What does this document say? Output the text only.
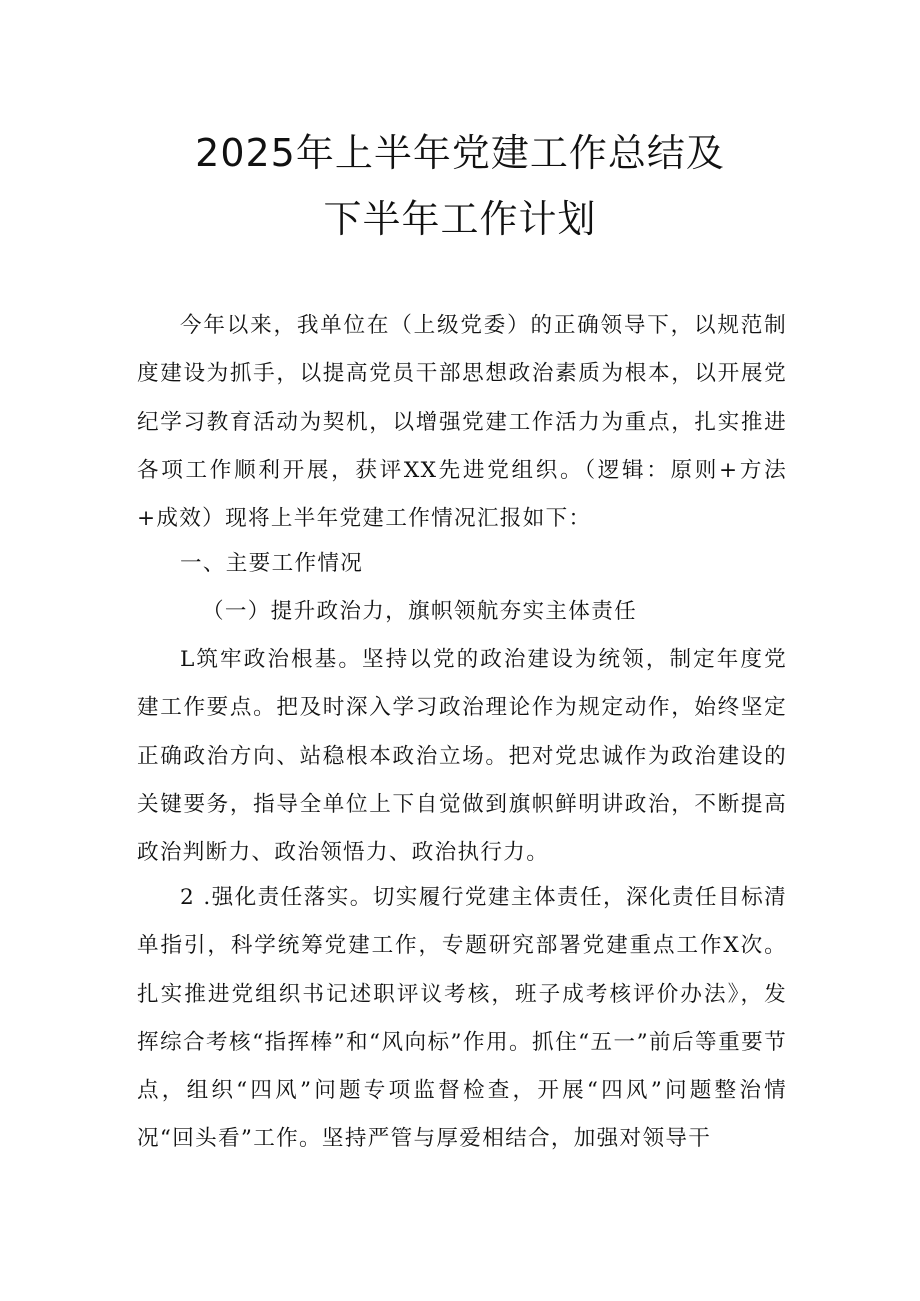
2025年上半年党建工作总结及
下半年工作计划

今年以来，我单位在（上级党委）的正确领导下，以规范制度建设为抓手，以提高党员干部思想政治素质为根本，以开展党纪学习教育活动为契机，以增强党建工作活力为重点，扎实推进各项工作顺利开展，获评XX先进党组织。（逻辑：原则+方法+成效）现将上半年党建工作情况汇报如下：

一、主要工作情况

（一）提升政治力，旗帜领航夯实主体责任

L筑牢政治根基。坚持以党的政治建设为统领，制定年度党建工作要点。把及时深入学习政治理论作为规定动作，始终坚定正确政治方向、站稳根本政治立场。把对党忠诚作为政治建设的关键要务，指导全单位上下自觉做到旗帜鲜明讲政治，不断提高政治判断力、政治领悟力、政治执行力。

2 .强化责任落实。切实履行党建主体责任，深化责任目标清单指引，科学统筹党建工作，专题研究部署党建重点工作X次。扎实推进党组织书记述职评议考核，班子成考核评价办法》，发挥综合考核“指挥棒”和“风向标”作用。抓住“五一”前后等重要节点，组织“四风”问题专项监督检查，开展“四风”问题整治情况“回头看”工作。坚持严管与厚爱相结合，加强对领导干
